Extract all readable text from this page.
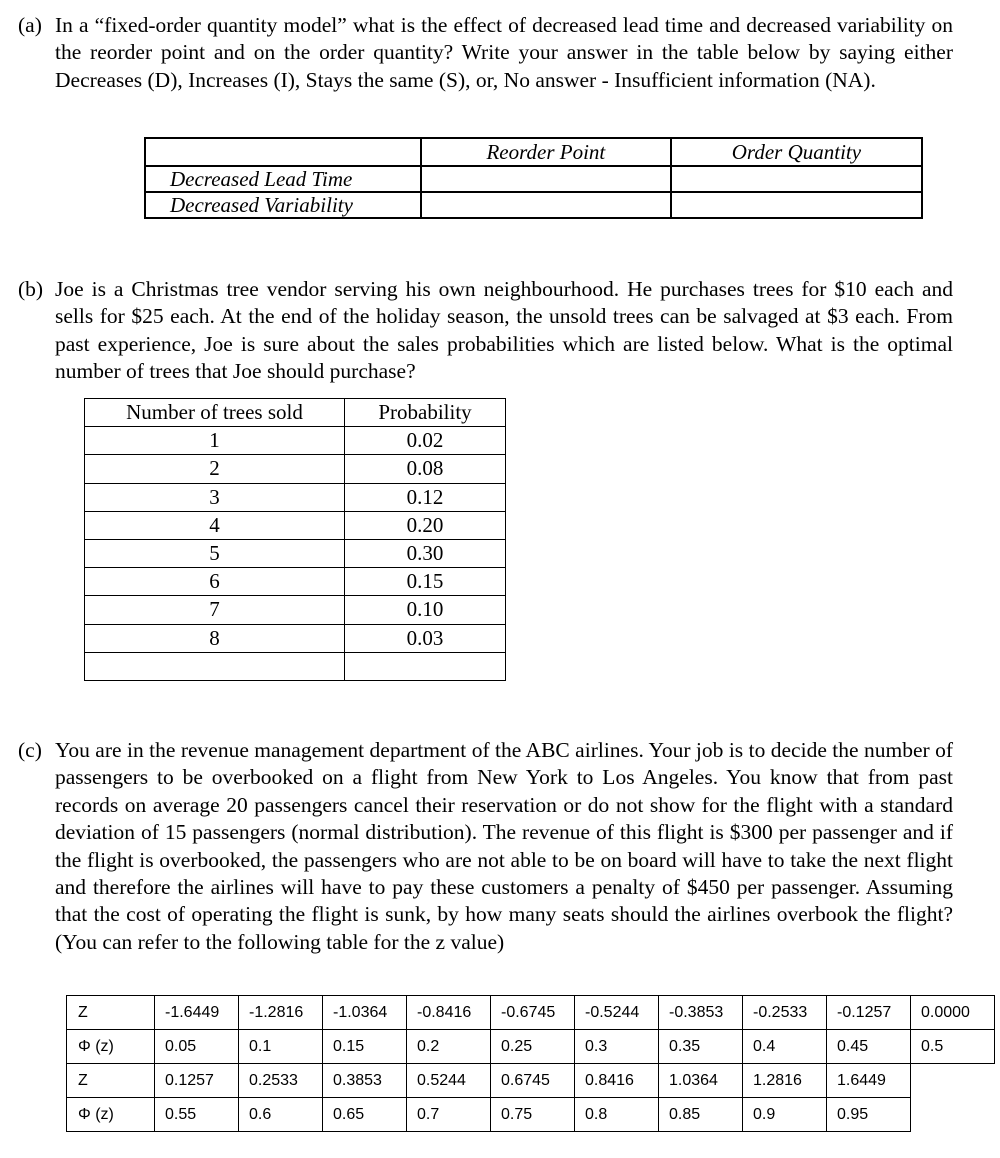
(a) In a “fixed-order quantity model” what is the effect of decreased lead time and decreased variability on the reorder point and on the order quantity? Write your answer in the table below by saying either Decreases (D), Increases (I), Stays the same (S), or, No answer - Insufficient information (NA).
	Reorder Point	Order Quantity
Decreased Lead Time		
Decreased Variability		
(b) Joe is a Christmas tree vendor serving his own neighbourhood. He purchases trees for $10 each and sells for $25 each. At the end of the holiday season, the unsold trees can be salvaged at $3 each. From past experience, Joe is sure about the sales probabilities which are listed below. What is the optimal number of trees that Joe should purchase?
Number of trees sold	Probability
1	0.02
2	0.08
3	0.12
4	0.20
5	0.30
6	0.15
7	0.10
8	0.03

(c) You are in the revenue management department of the ABC airlines. Your job is to decide the number of passengers to be overbooked on a flight from New York to Los Angeles. You know that from past records on average 20 passengers cancel their reservation or do not show for the flight with a standard deviation of 15 passengers (normal distribution). The revenue of this flight is $300 per passenger and if the flight is overbooked, the passengers who are not able to be on board will have to take the next flight and therefore the airlines will have to pay these customers a penalty of $450 per passenger. Assuming that the cost of operating the flight is sunk, by how many seats should the airlines overbook the flight? (You can refer to the following table for the z value)
Z	-1.6449	-1.2816	-1.0364	-0.8416	-0.6745	-0.5244	-0.3853	-0.2533	-0.1257	0.0000
Φ (z)	0.05	0.1	0.15	0.2	0.25	0.3	0.35	0.4	0.45	0.5
Z	0.1257	0.2533	0.3853	0.5244	0.6745	0.8416	1.0364	1.2816	1.6449	
Φ (z)	0.55	0.6	0.65	0.7	0.75	0.8	0.85	0.9	0.95	
